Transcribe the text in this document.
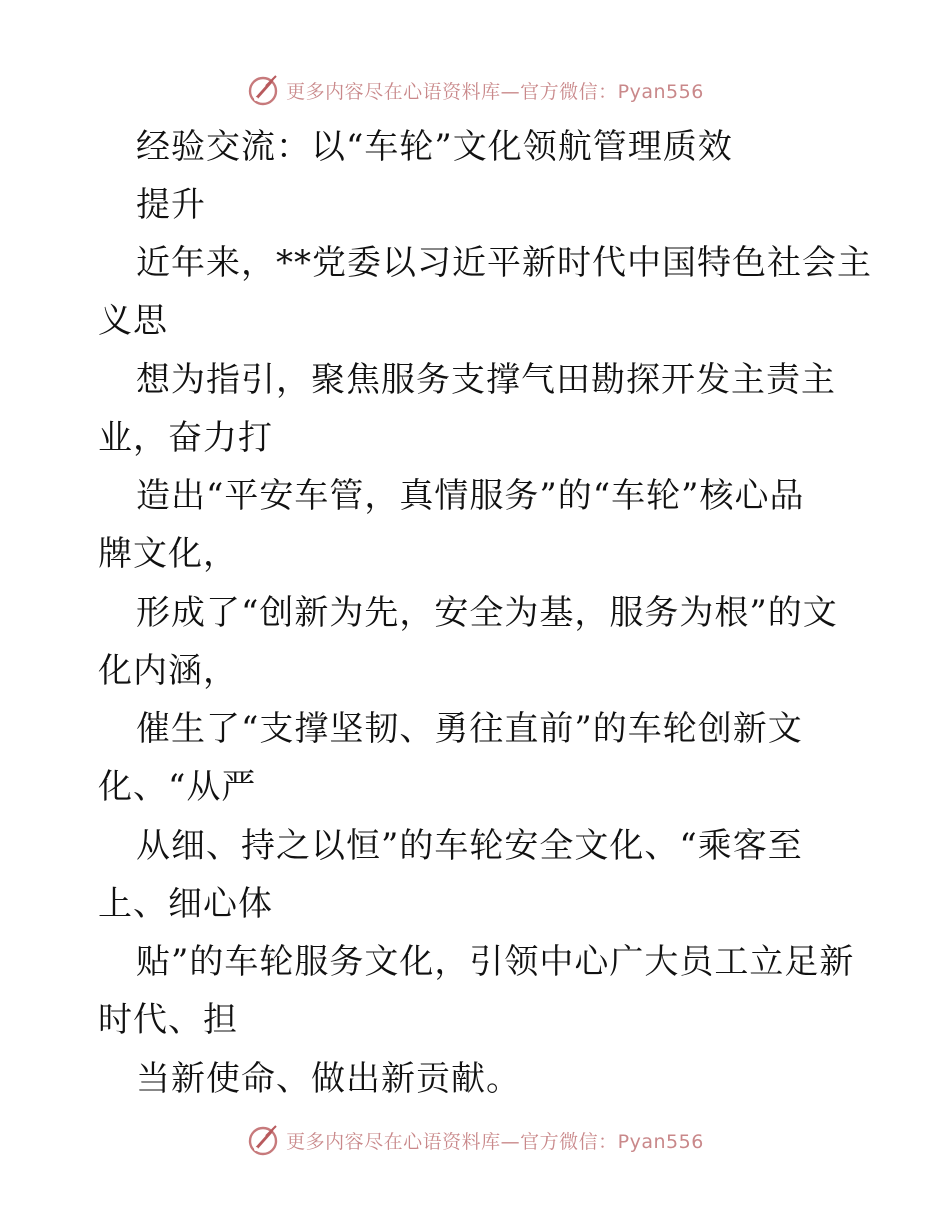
更多内容尽在心语资料库—官方微信：Pyan556
经验交流：以“车轮”文化领航管理质效
提升
近年来，**党委以习近平新时代中国特色社会主
义思
想为指引，聚焦服务支撑气田勘探开发主责主
业，奋力打
造出“平安车管，真情服务”的“车轮”核心品
牌文化，
形成了“创新为先，安全为基，服务为根”的文
化内涵，
催生了“支撑坚韧、勇往直前”的车轮创新文
化、“从严
从细、持之以恒”的车轮安全文化、“乘客至
上、细心体
贴”的车轮服务文化，引领中心广大员工立足新
时代、担
当新使命、做出新贡献。
更多内容尽在心语资料库—官方微信：Pyan556
